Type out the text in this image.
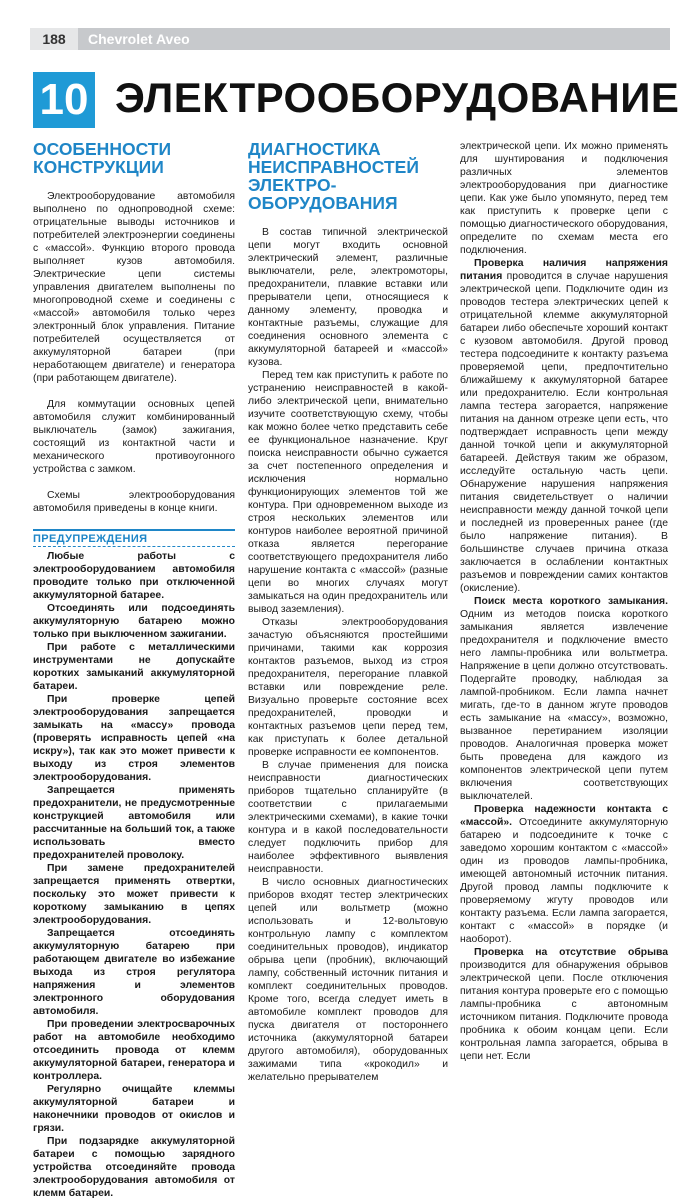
188	Chevrolet Aveo
10 ЭЛЕКТРООБОРУДОВАНИЕ
ОСОБЕННОСТИ
КОНСТРУКЦИИ

Электрооборудование автомобиля выполнено по однопроводной схеме: отрицательные выводы источников и потребителей электроэнергии соединены с «массой». Функцию второго провода выполняет кузов автомобиля. Электрические цепи системы управления двигателем выполнены по многопроводной схеме и соединены с «массой» автомобиля только через электронный блок управления. Питание потребителей осуществляется от аккумуляторной батареи (при неработающем двигателе) и генератора (при работающем двигателе).

Для коммутации основных цепей автомобиля служит комбинированный выключатель (замок) зажигания, состоящий из контактной части и механического противоугонного устройства с замком.

Схемы электрооборудования автомобиля приведены в конце книги.

ПРЕДУПРЕЖДЕНИЯ

Любые работы с электрооборудованием автомобиля проводите только при отключенной аккумуляторной батарее.

Отсоединять или подсоединять аккумуляторную батарею можно только при выключенном зажигании.

При работе с металлическими инструментами не допускайте коротких замыканий аккумуляторной батареи.

При проверке цепей электрооборудования запрещается замыкать на «массу» провода (проверять исправность цепей «на искру»), так как это может привести к выходу из строя элементов электрооборудования.

Запрещается применять предохранители, не предусмотренные конструкцией автомобиля или рассчитанные на больший ток, а также использовать вместо предохранителей проволоку.

При замене предохранителей запрещается применять отвертки, поскольку это может привести к короткому замыканию в цепях электрооборудования.

Запрещается отсоединять аккумуляторную батарею при работающем двигателе во избежание выхода из строя регулятора напряжения и элементов электронного оборудования автомобиля.

При проведении электросварочных работ на автомобиле необходимо отсоединить провода от клемм аккумуляторной батареи, генератора и контроллера.

Регулярно очищайте клеммы аккумуляторной батареи и наконечники проводов от окислов и грязи.

При подзарядке аккумуляторной батареи с помощью зарядного устройства отсоединяйте провода электрооборудования автомобиля от клемм батареи.

ДИАГНОСТИКА
НЕИСПРАВНОСТЕЙ
ЭЛЕКТРО-
ОБОРУДОВАНИЯ

В состав типичной электрической цепи могут входить основной электрический элемент, различные выключатели, реле, электромоторы, предохранители, плавкие вставки или прерыватели цепи, относящиеся к данному элементу, проводка и контактные разъемы, служащие для соединения основного элемента с аккумуляторной батареей и «массой» кузова.

Перед тем как приступить к работе по устранению неисправностей в какой-либо электрической цепи, внимательно изучите соответствующую схему, чтобы как можно более четко представить себе ее функциональное назначение. Круг поиска неисправности обычно сужается за счет постепенного определения и исключения нормально функционирующих элементов той же контура. При одновременном выходе из строя нескольких элементов или контуров наиболее вероятной причиной отказа является перегорание соответствующего предохранителя либо нарушение контакта с «массой» (разные цепи во многих случаях могут замыкаться на один предохранитель или вывод заземления).

Отказы электрооборудования зачастую объясняются простейшими причинами, такими как коррозия контактов разъемов, выход из строя предохранителя, перегорание плавкой вставки или повреждение реле. Визуально проверьте состояние всех предохранителей, проводки и контактных разъемов цепи перед тем, как приступать к более детальной проверке исправности ее компонентов.

В случае применения для поиска неисправности диагностических приборов тщательно спланируйте (в соответствии с прилагаемыми электрическими схемами), в какие точки контура и в какой последовательности следует подключить прибор для наиболее эффективного выявления неисправности.

В число основных диагностических приборов входят тестер электрических цепей или вольтметр (можно использовать и 12-вольтовую контрольную лампу с комплектом соединительных проводов), индикатор обрыва цепи (пробник), включающий лампу, собственный источник питания и комплект соединительных проводов. Кроме того, всегда следует иметь в автомобиле комплект проводов для пуска двигателя от постороннего источника (аккумуляторной батареи другого автомобиля), оборудованных зажимами типа «крокодил» и желательно прерывателем

электрической цепи. Их можно применять для шунтирования и подключения различных элементов электрооборудования при диагностике цепи. Как уже было упомянуто, перед тем как приступить к проверке цепи с помощью диагностического оборудования, определите по схемам места его подключения.

Проверка наличия напряжения питания проводится в случае нарушения электрической цепи. Подключите один из проводов тестера электрических цепей к отрицательной клемме аккумуляторной батареи либо обеспечьте хороший контакт с кузовом автомобиля. Другой провод тестера подсоедините к контакту разъема проверяемой цепи, предпочтительно ближайшему к аккумуляторной батарее или предохранителю. Если контрольная лампа тестера загорается, напряжение питания на данном отрезке цепи есть, что подтверждает исправность цепи между данной точкой цепи и аккумуляторной батареей. Действуя таким же образом, исследуйте остальную часть цепи. Обнаружение нарушения напряжения питания свидетельствует о наличии неисправности между данной точкой цепи и последней из проверенных ранее (где было напряжение питания). В большинстве случаев причина отказа заключается в ослаблении контактных разъемов и повреждении самих контактов (окисление).

Поиск места короткого замыкания. Одним из методов поиска короткого замыкания является извлечение предохранителя и подключение вместо него лампы-пробника или вольтметра. Напряжение в цепи должно отсутствовать. Подергайте проводку, наблюдая за лампой-пробником. Если лампа начнет мигать, где-то в данном жгуте проводов есть замыкание на «массу», возможно, вызванное перетиранием изоляции проводов. Аналогичная проверка может быть проведена для каждого из компонентов электрической цепи путем включения соответствующих выключателей.

Проверка надежности контакта с «массой». Отсоедините аккумуляторную батарею и подсоедините к точке с заведомо хорошим контактом с «массой» один из проводов лампы-пробника, имеющей автономный источник питания. Другой провод лампы подключите к проверяемому жгуту проводов или контакту разъема. Если лампа загорается, контакт с «массой» в порядке (и наоборот).

Проверка на отсутствие обрыва производится для обнаружения обрывов электрической цепи. После отключения питания контура проверьте его с помощью лампы-пробника с автономным источником питания. Подключите провода пробника к обоим концам цепи. Если контрольная лампа загорается, обрыва в цепи нет. Если
